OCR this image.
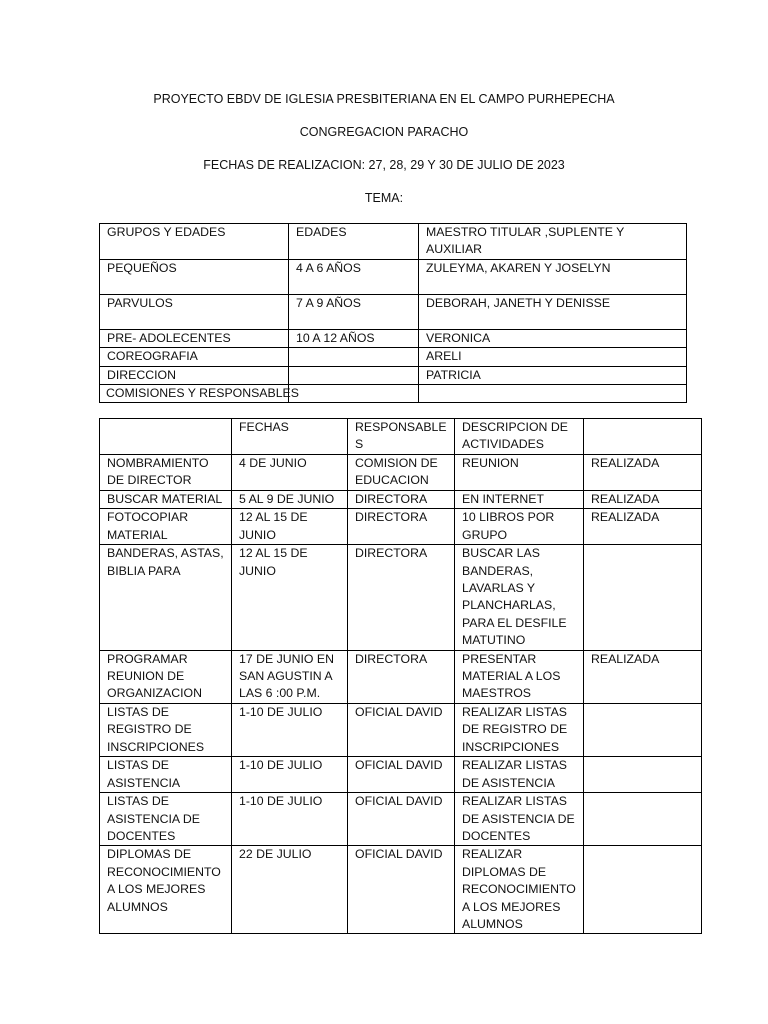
PROYECTO EBDV DE IGLESIA PRESBITERIANA EN EL CAMPO PURHEPECHA
CONGREGACION PARACHO
FECHAS DE REALIZACION: 27, 28, 29 Y 30 DE JULIO DE 2023
TEMA:
GRUPOS Y EDADES	EDADES	MAESTRO TITULAR ,SUPLENTE Y AUXILIAR
PEQUEÑOS	4 A 6 AÑOS	ZULEYMA, AKAREN Y JOSELYN
PARVULOS	7 A 9 AÑOS	DEBORAH, JANETH Y DENISSE
PRE- ADOLECENTES	10 A 12 AÑOS	VERONICA
COREOGRAFIA		ARELI
DIRECCION		PATRICIA

COMISIONES Y RESPONSABLES
	FECHAS	RESPONSABLES	DESCRIPCION DE ACTIVIDADES	
NOMBRAMIENTO DE DIRECTOR	4 DE JUNIO	COMISION DE EDUCACION	REUNION	REALIZADA
BUSCAR MATERIAL	5 AL 9 DE JUNIO	DIRECTORA	EN INTERNET	REALIZADA
FOTOCOPIAR MATERIAL	12 AL 15 DE JUNIO	DIRECTORA	10 LIBROS POR GRUPO	REALIZADA
BANDERAS, ASTAS, BIBLIA PARA	12 AL 15 DE JUNIO	DIRECTORA	BUSCAR LAS BANDERAS, LAVARLAS Y PLANCHARLAS, PARA EL DESFILE MATUTINO	
PROGRAMAR REUNION DE ORGANIZACION	17 DE JUNIO EN SAN AGUSTIN A LAS 6 :00 P.M.	DIRECTORA	PRESENTAR MATERIAL A LOS MAESTROS	REALIZADA
LISTAS DE REGISTRO DE INSCRIPCIONES	1-10 DE JULIO	OFICIAL DAVID	REALIZAR LISTAS DE REGISTRO DE INSCRIPCIONES	
LISTAS DE ASISTENCIA	1-10 DE JULIO	OFICIAL DAVID	REALIZAR LISTAS DE ASISTENCIA	
LISTAS DE ASISTENCIA DE DOCENTES	1-10 DE JULIO	OFICIAL DAVID	REALIZAR LISTAS DE ASISTENCIA DE DOCENTES	
DIPLOMAS DE RECONOCIMIENTO A LOS MEJORES ALUMNOS	22 DE JULIO	OFICIAL DAVID	REALIZAR DIPLOMAS DE RECONOCIMIENTO A LOS MEJORES ALUMNOS	
